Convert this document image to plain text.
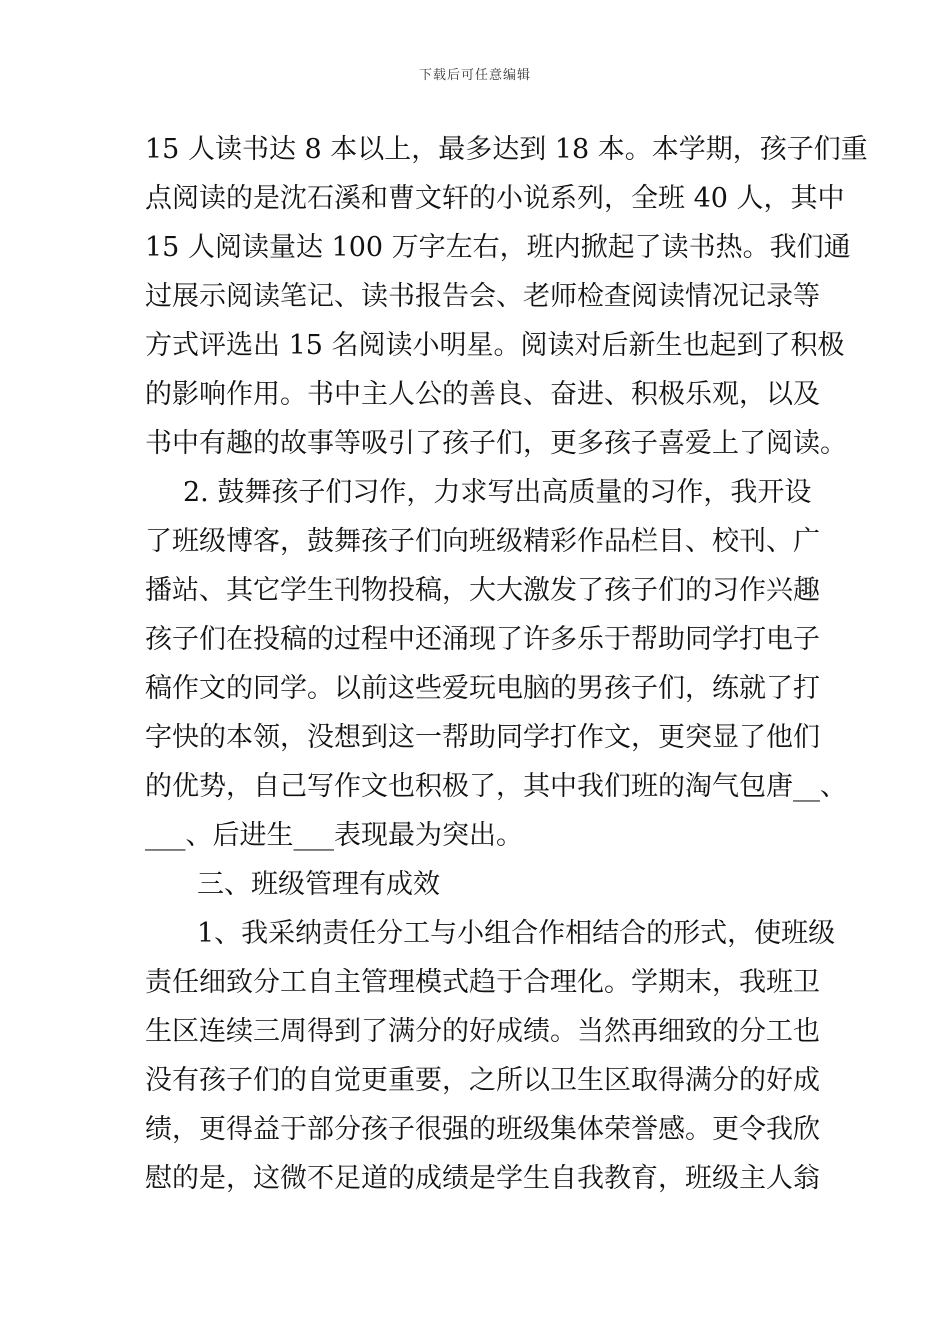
下载后可任意编辑
15 人读书达 8 本以上，最多达到 18 本。本学期，孩子们重
点阅读的是沈石溪和曹文轩的小说系列，全班 40 人，其中
15 人阅读量达 100 万字左右，班内掀起了读书热。我们通
过展示阅读笔记、读书报告会、老师检查阅读情况记录等
方式评选出 15 名阅读小明星。阅读对后新生也起到了积极
的影响作用。书中主人公的善良、奋进、积极乐观，以及
书中有趣的故事等吸引了孩子们，更多孩子喜爱上了阅读。
2. 鼓舞孩子们习作，力求写出高质量的习作，我开设
了班级博客，鼓舞孩子们向班级精彩作品栏目、校刊、广
播站、其它学生刊物投稿，大大激发了孩子们的习作兴趣
孩子们在投稿的过程中还涌现了许多乐于帮助同学打电子
稿作文的同学。以前这些爱玩电脑的男孩子们，练就了打
字快的本领，没想到这一帮助同学打作文，更突显了他们
的优势，自己写作文也积极了，其中我们班的淘气包唐__、
___、后进生___表现最为突出。
三、班级管理有成效
1、我采纳责任分工与小组合作相结合的形式，使班级
责任细致分工自主管理模式趋于合理化。学期末，我班卫
生区连续三周得到了满分的好成绩。当然再细致的分工也
没有孩子们的自觉更重要，之所以卫生区取得满分的好成
绩，更得益于部分孩子很强的班级集体荣誉感。更令我欣
慰的是，这微不足道的成绩是学生自我教育，班级主人翁
